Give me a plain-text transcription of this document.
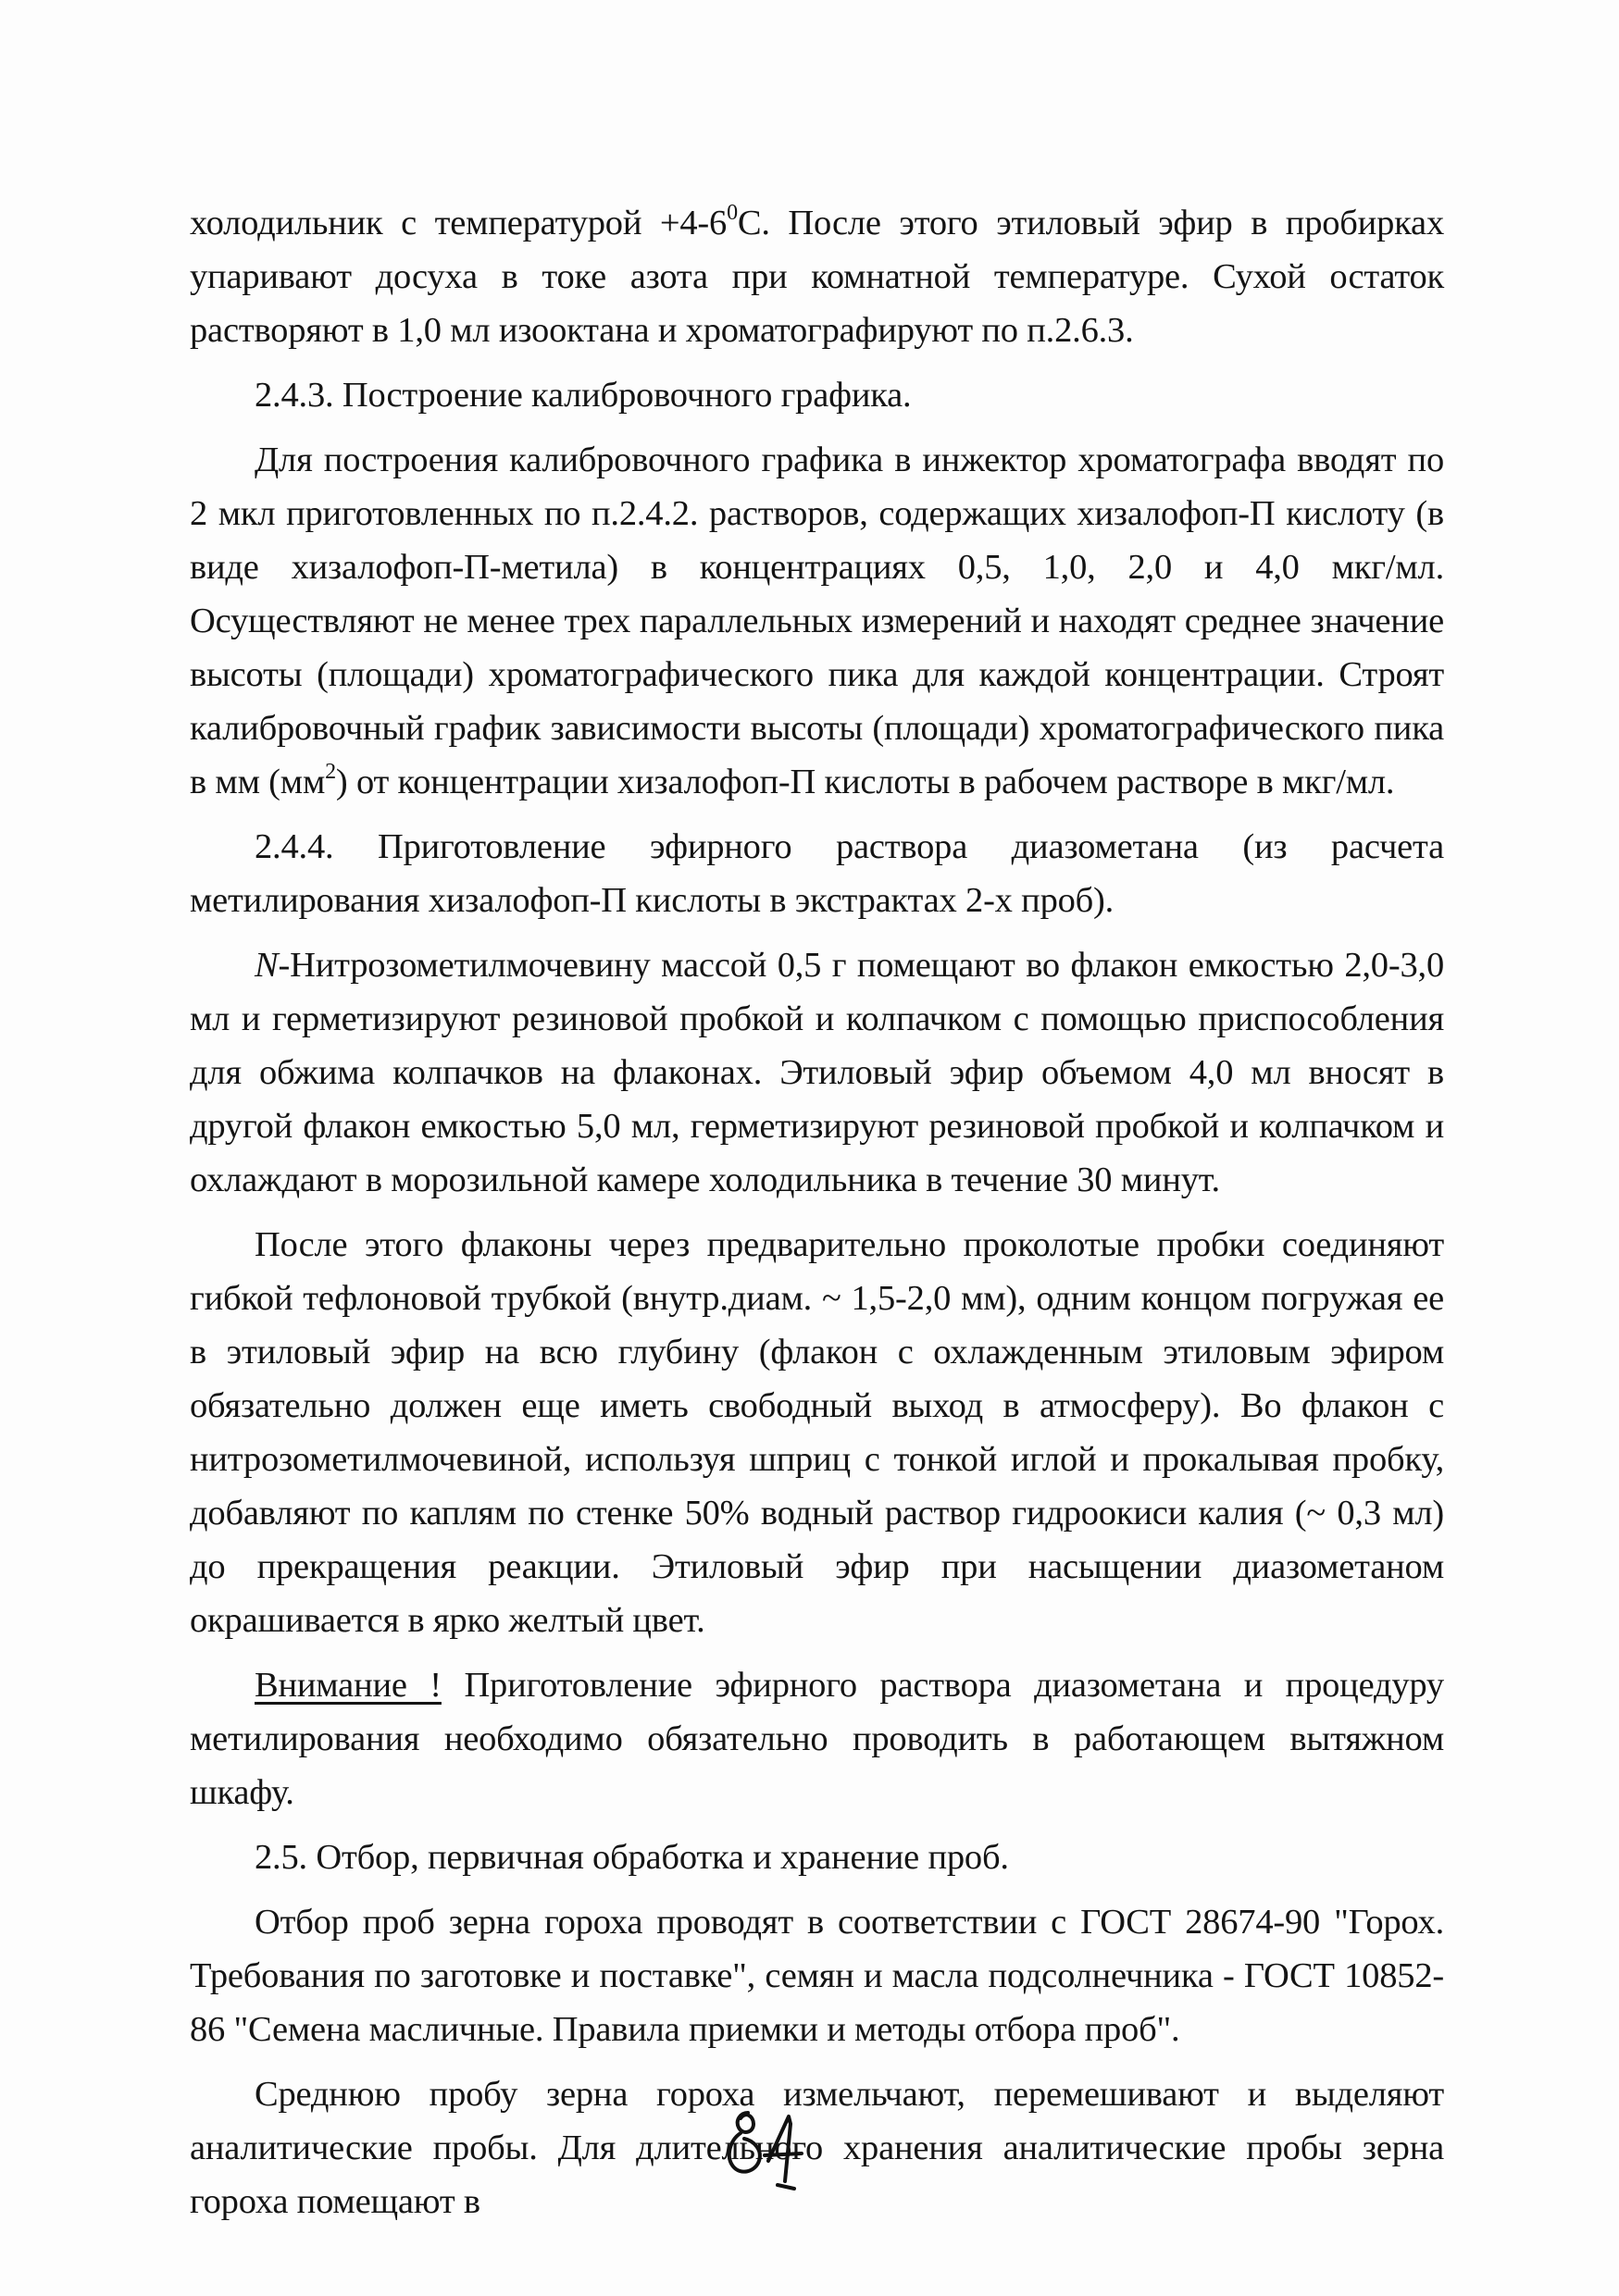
холодильник с температурой $+4-6^0С$. После этого этиловый эфир в пробирках упаривают досуха в токе азота при комнатной температуре. Сухой остаток растворяют в 1,0 мл изооктана и хроматографируют по п.2.6.3.

2.4.3. Построение калибровочного графика.

Для построения калибровочного графика в инжектор хроматографа вводят по 2 мкл приготовленных по п.2.4.2. растворов, содержащих хизалофоп-П кислоту (в виде хизалофоп-П-метила) в концентрациях 0,5, 1,0, 2,0 и 4,0 мкг/мл. Осуществляют не менее трех параллельных измерений и находят среднее значение высоты (площади) хроматографического пика для каждой концентрации. Строят калибровочный график зависимости высоты (площади) хроматографического пика в мм $(мм^2)$ от концентрации хизалофоп-П кислоты в рабочем растворе в мкг/мл.

2.4.4. Приготовление эфирного раствора диазометана (из расчета метилирования хизалофоп-П кислоты в экстрактах 2-х проб).

N-Нитрозометилмочевину массой 0,5 г помещают во флакон емкостью 2,0-3,0 мл и герметизируют резиновой пробкой и колпачком с помощью приспособления для обжима колпачков на флаконах. Этиловый эфир объемом 4,0 мл вносят в другой флакон емкостью 5,0 мл, герметизируют резиновой пробкой и колпачком и охлаждают в морозильной камере холодильника в течение 30 минут.

После этого флаконы через предварительно проколотые пробки соединяют гибкой тефлоновой трубкой (внутр.диам. ~ 1,5-2,0 мм), одним концом погружая ее в этиловый эфир на всю глубину (флакон с охлажденным этиловым эфиром обязательно должен еще иметь свободный выход в атмосферу). Во флакон с нитрозометилмочевиной, используя шприц с тонкой иглой и прокалывая пробку, добавляют по каплям по стенке 50% водный раствор гидроокиси калия (~ 0,3 мл) до прекращения реакции. Этиловый эфир при насыщении диазометаном окрашивается в ярко желтый цвет.

Внимание ! Приготовление эфирного раствора диазометана и процедуру метилирования необходимо обязательно проводить в работающем вытяжном шкафу.

2.5. Отбор, первичная обработка и хранение проб.

Отбор проб зерна гороха проводят в соответствии с ГОСТ 28674-90 "Горох. Требования по заготовке и поставке", семян и масла подсолнечника - ГОСТ 10852-86 "Семена масличные. Правила приемки и методы отбора проб".

Среднюю пробу зерна гороха измельчают, перемешивают и выделяют аналитические пробы. Для длительного хранения аналитические пробы зерна гороха помещают в
